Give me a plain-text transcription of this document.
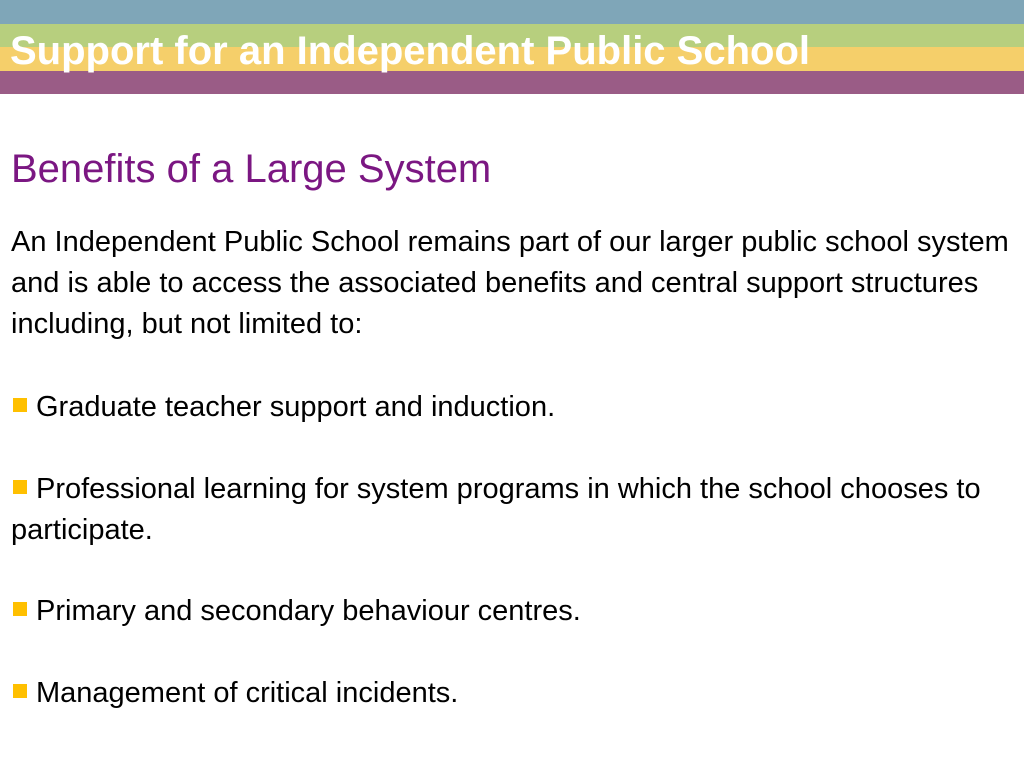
Support for an Independent Public School
Benefits of a Large System

An Independent Public School remains part of our larger public school system and is able to access the associated benefits and central support structures including, but not limited to:

Graduate teacher support and induction.

Professional learning for system programs in which the school chooses to participate.

Primary and secondary behaviour centres.

Management of critical incidents.
